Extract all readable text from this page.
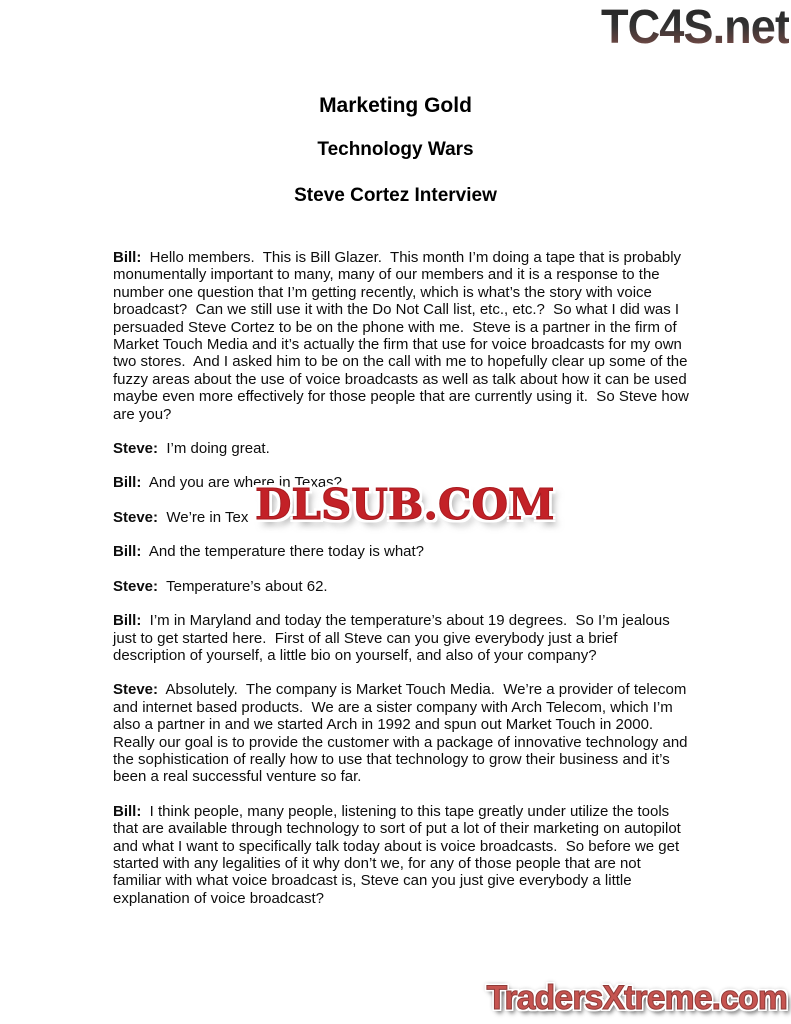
TC4S.net
Marketing Gold
Technology Wars
Steve Cortez Interview

Bill:  Hello members.  This is Bill Glazer.  This month I’m doing a tape that is probably monumentally important to many, many of our members and it is a response to the number one question that I’m getting recently, which is what’s the story with voice broadcast?  Can we still use it with the Do Not Call list, etc., etc.?  So what I did was I persuaded Steve Cortez to be on the phone with me.  Steve is a partner in the firm of Market Touch Media and it’s actually the firm that use for voice broadcasts for my own two stores.  And I asked him to be on the call with me to hopefully clear up some of the fuzzy areas about the use of voice broadcasts as well as talk about how it can be used maybe even more effectively for those people that are currently using it.  So Steve how are you?

Steve:  I’m doing great.

Bill:  And you are where in Texas?

Steve:  We’re in Tex

Bill:  And the temperature there today is what?

Steve:  Temperature’s about 62.

Bill:  I’m in Maryland and today the temperature’s about 19 degrees.  So I’m jealous just to get started here.  First of all Steve can you give everybody just a brief description of yourself, a little bio on yourself, and also of your company?

Steve:  Absolutely.  The company is Market Touch Media.  We’re a provider of telecom and internet based products.  We are a sister company with Arch Telecom, which I’m also a partner in and we started Arch in 1992 and spun out Market Touch in 2000.  Really our goal is to provide the customer with a package of innovative technology and the sophistication of really how to use that technology to grow their business and it’s been a real successful venture so far.

Bill:  I think people, many people, listening to this tape greatly under utilize the tools that are available through technology to sort of put a lot of their marketing on autopilot and what I want to specifically talk today about is voice broadcasts.  So before we get started with any legalities of it why don’t we, for any of those people that are not familiar with what voice broadcast is, Steve can you just give everybody a little explanation of voice broadcast?

DLSUB.COM
TradersXtreme.com
